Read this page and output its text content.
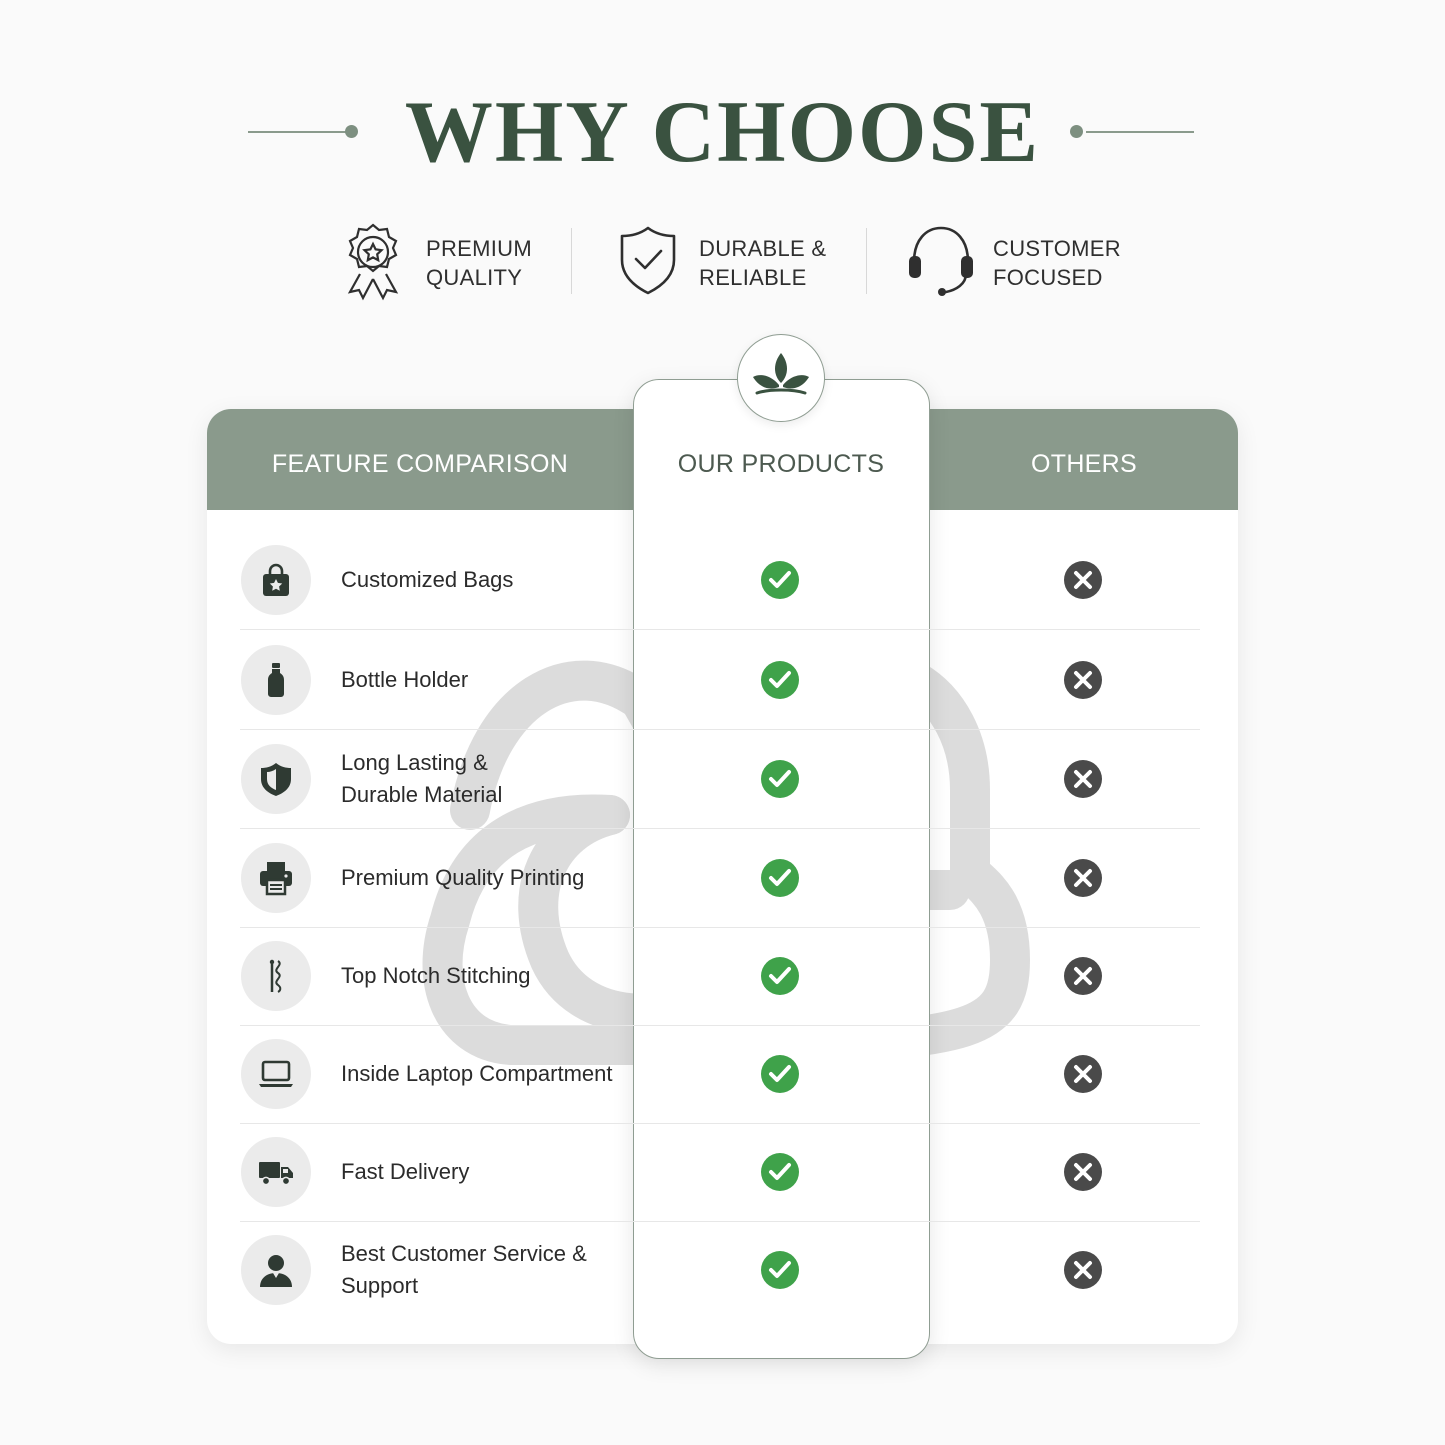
WHY CHOOSE
PREMIUM
QUALITY
DURABLE &
RELIABLE
CUSTOMER
FOCUSED
FEATURE COMPARISON	OTHERS
OUR PRODUCTS
Customized Bags
Bottle Holder
Long Lasting &
Durable Material
Premium Quality Printing
Top Notch Stitching
Inside Laptop Compartment
Fast Delivery
Best Customer Service &
Support
